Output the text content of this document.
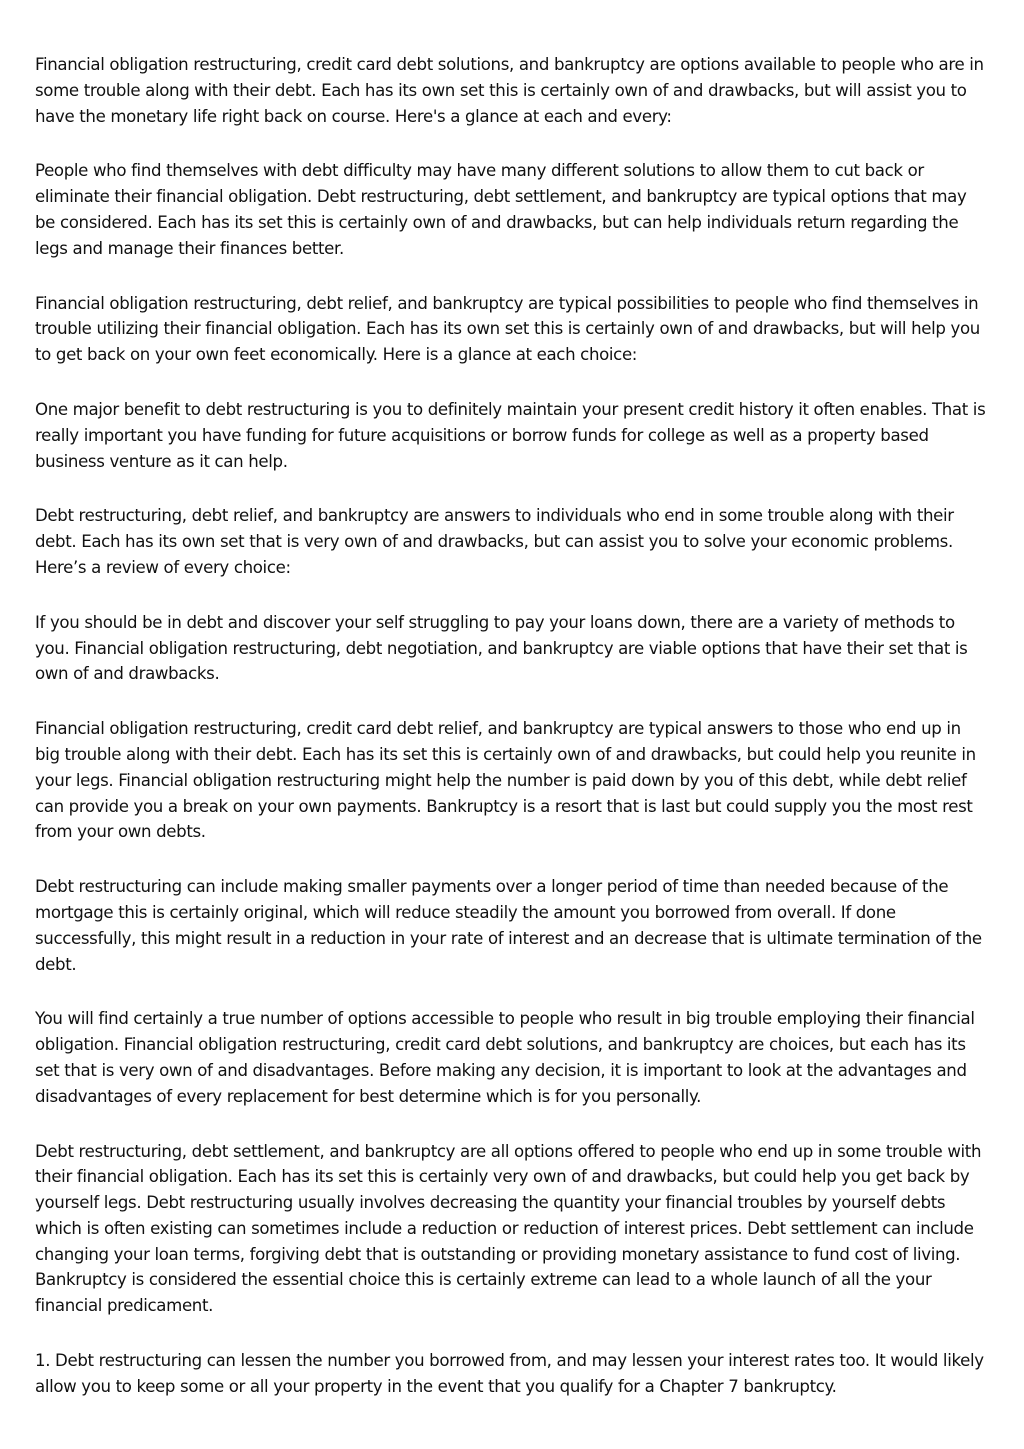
Financial obligation restructuring, credit card debt solutions, and bankruptcy are options available to people who are in some trouble along with their debt. Each has its own set this is certainly own of and drawbacks, but will assist you to have the monetary life right back on course. Here's a glance at each and every:

People who find themselves with debt difficulty may have many different solutions to allow them to cut back or eliminate their financial obligation. Debt restructuring, debt settlement, and bankruptcy are typical options that may be considered. Each has its set this is certainly own of and drawbacks, but can help individuals return regarding the legs and manage their finances better.

Financial obligation restructuring, debt relief, and bankruptcy are typical possibilities to people who find themselves in trouble utilizing their financial obligation. Each has its own set this is certainly own of and drawbacks, but will help you to get back on your own feet economically. Here is a glance at each choice:

One major benefit to debt restructuring is you to definitely maintain your present credit history it often enables. That is really important you have funding for future acquisitions or borrow funds for college as well as a property based business venture as it can help.

Debt restructuring, debt relief, and bankruptcy are answers to individuals who end in some trouble along with their debt. Each has its own set that is very own of and drawbacks, but can assist you to solve your economic problems. Here’s a review of every choice:

If you should be in debt and discover your self struggling to pay your loans down, there are a variety of methods to you. Financial obligation restructuring, debt negotiation, and bankruptcy are viable options that have their set that is own of and drawbacks.

Financial obligation restructuring, credit card debt relief, and bankruptcy are typical answers to those who end up in big trouble along with their debt. Each has its set this is certainly own of and drawbacks, but could help you reunite in your legs. Financial obligation restructuring might help the number is paid down by you of this debt, while debt relief can provide you a break on your own payments. Bankruptcy is a resort that is last but could supply you the most rest from your own debts.

Debt restructuring can include making smaller payments over a longer period of time than needed because of the mortgage this is certainly original, which will reduce steadily the amount you borrowed from overall. If done successfully, this might result in a reduction in your rate of interest and an decrease that is ultimate termination of the debt.

You will find certainly a true number of options accessible to people who result in big trouble employing their financial obligation. Financial obligation restructuring, credit card debt solutions, and bankruptcy are choices, but each has its set that is very own of and disadvantages. Before making any decision, it is important to look at the advantages and disadvantages of every replacement for best determine which is for you personally.

Debt restructuring, debt settlement, and bankruptcy are all options offered to people who end up in some trouble with their financial obligation. Each has its set this is certainly very own of and drawbacks, but could help you get back by yourself legs. Debt restructuring usually involves decreasing the quantity your financial troubles by yourself debts which is often existing can sometimes include a reduction or reduction of interest prices. Debt settlement can include changing your loan terms, forgiving debt that is outstanding or providing monetary assistance to fund cost of living. Bankruptcy is considered the essential choice this is certainly extreme can lead to a whole launch of all the your financial predicament.

1. Debt restructuring can lessen the number you borrowed from, and may lessen your interest rates too. It would likely allow you to keep some or all your property in the event that you qualify for a Chapter 7 bankruptcy.
